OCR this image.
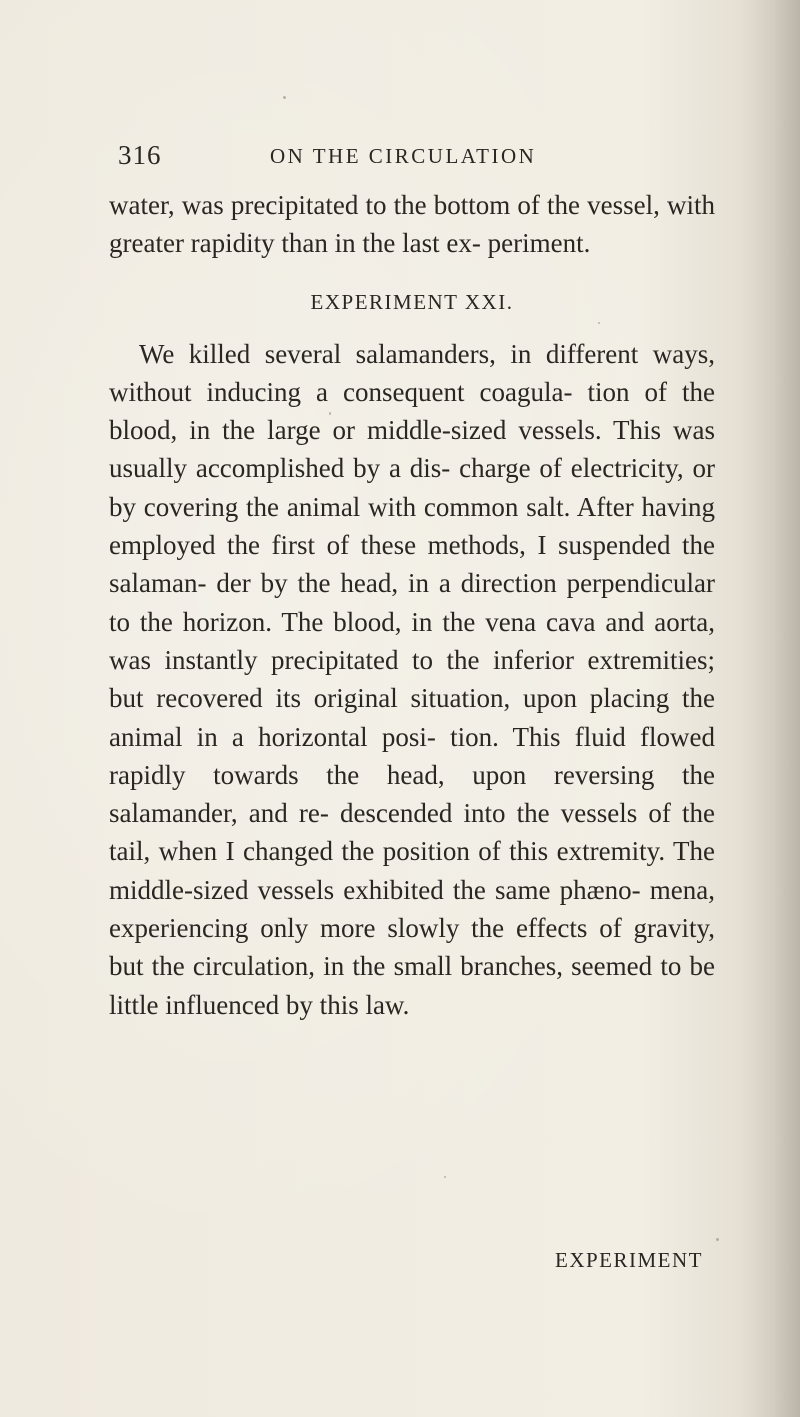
316	ON THE CIRCULATION

water, was precipitated to the bottom of the vessel, with greater rapidity than in the last ex- periment.

EXPERIMENT XXI.

We killed several salamanders, in different ways, without inducing a consequent coagula- tion of the blood, in the large or middle-sized vessels. This was usually accomplished by a dis- charge of electricity, or by covering the animal with common salt. After having employed the first of these methods, I suspended the salaman- der by the head, in a direction perpendicular to the horizon. The blood, in the vena cava and aorta, was instantly precipitated to the inferior extremities; but recovered its original situation, upon placing the animal in a horizontal posi- tion. This fluid flowed rapidly towards the head, upon reversing the salamander, and re- descended into the vessels of the tail, when I changed the position of this extremity. The middle-sized vessels exhibited the same phæno- mena, experiencing only more slowly the effects of gravity, but the circulation, in the small branches, seemed to be little influenced by this law.

EXPERIMENT
